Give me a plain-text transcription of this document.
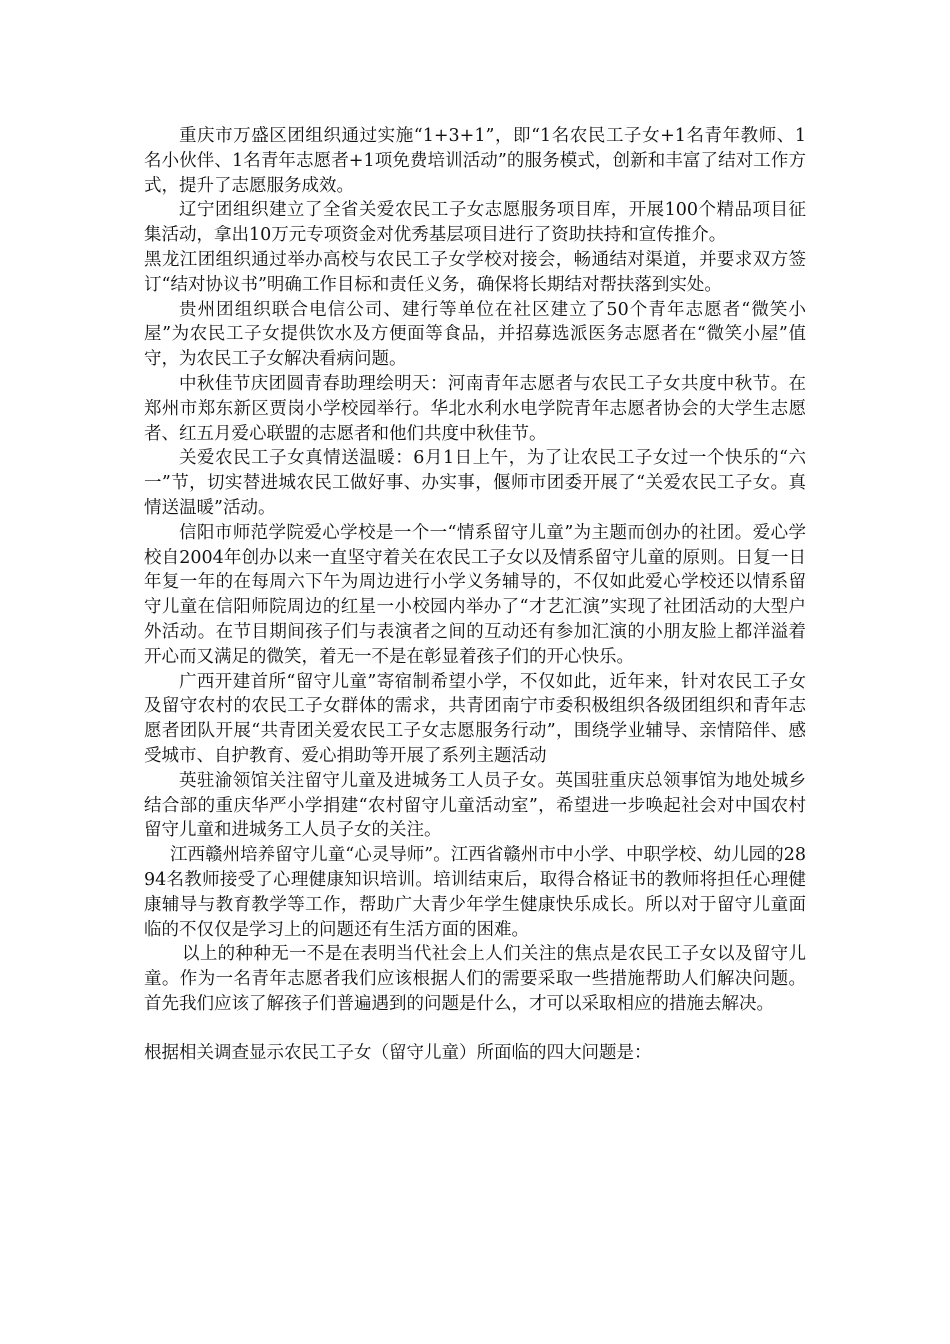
重庆市万盛区团组织通过实施“1+3+1”，即“1名农民工子女+1名青年教师、1名小伙伴、1名青年志愿者+1项免费培训活动”的服务模式，创新和丰富了结对工作方式，提升了志愿服务成效。

辽宁团组织建立了全省关爱农民工子女志愿服务项目库，开展100个精品项目征集活动，拿出10万元专项资金对优秀基层项目进行了资助扶持和宣传推介。

黑龙江团组织通过举办高校与农民工子女学校对接会，畅通结对渠道，并要求双方签订“结对协议书”明确工作目标和责任义务，确保将长期结对帮扶落到实处。

贵州团组织联合电信公司、建行等单位在社区建立了50个青年志愿者“微笑小屋”为农民工子女提供饮水及方便面等食品，并招募选派医务志愿者在“微笑小屋”值守，为农民工子女解决看病问题。

中秋佳节庆团圆青春助理绘明天：河南青年志愿者与农民工子女共度中秋节。在郑州市郑东新区贾岗小学校园举行。华北水利水电学院青年志愿者协会的大学生志愿者、红五月爱心联盟的志愿者和他们共度中秋佳节。

关爱农民工子女真情送温暖：6月1日上午，为了让农民工子女过一个快乐的“六一”节，切实替进城农民工做好事、办实事，偃师市团委开展了“关爱农民工子女。真情送温暖”活动。

信阳市师范学院爱心学校是一个一“情系留守儿童”为主题而创办的社团。爱心学校自2004年创办以来一直坚守着关在农民工子女以及情系留守儿童的原则。日复一日年复一年的在每周六下午为周边进行小学义务辅导的，不仅如此爱心学校还以情系留守儿童在信阳师院周边的红星一小校园内举办了“才艺汇演”实现了社团活动的大型户外活动。在节目期间孩子们与表演者之间的互动还有参加汇演的小朋友脸上都洋溢着开心而又满足的微笑，着无一不是在彰显着孩子们的开心快乐。

广西开建首所“留守儿童”寄宿制希望小学，不仅如此，近年来，针对农民工子女及留守农村的农民工子女群体的需求，共青团南宁市委积极组织各级团组织和青年志愿者团队开展“共青团关爱农民工子女志愿服务行动”，围绕学业辅导、亲情陪伴、感受城市、自护教育、爱心捐助等开展了系列主题活动

英驻渝领馆关注留守儿童及进城务工人员子女。英国驻重庆总领事馆为地处城乡结合部的重庆华严小学捐建“农村留守儿童活动室”，希望进一步唤起社会对中国农村留守儿童和进城务工人员子女的关注。

江西赣州培养留守儿童“心灵导师”。江西省赣州市中小学、中职学校、幼儿园的2894名教师接受了心理健康知识培训。培训结束后，取得合格证书的教师将担任心理健康辅导与教育教学等工作，帮助广大青少年学生健康快乐成长。所以对于留守儿童面临的不仅仅是学习上的问题还有生活方面的困难。

以上的种种无一不是在表明当代社会上人们关注的焦点是农民工子女以及留守儿童。作为一名青年志愿者我们应该根据人们的需要采取一些措施帮助人们解决问题。首先我们应该了解孩子们普遍遇到的问题是什么，才可以采取相应的措施去解决。

根据相关调查显示农民工子女（留守儿童）所面临的四大问题是：
